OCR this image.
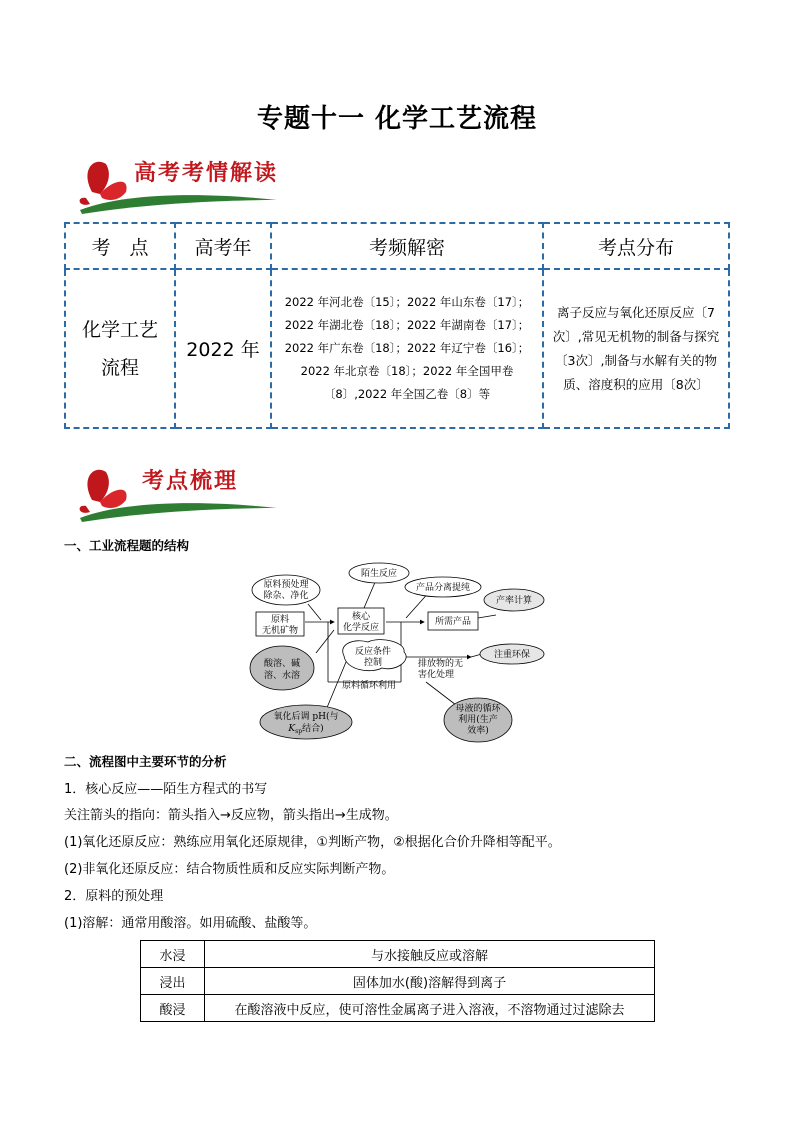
专题十一 化学工艺流程
高考考情解读
考　点	高考年	考频解密	考点分布
化学工艺
流程	2022 年	2022 年河北卷〔15〕；2022 年山东卷〔17〕；2022 年湖北卷〔18〕；2022 年湖南卷〔17〕；2022 年广东卷〔18〕；2022 年辽宁卷〔16〕；2022 年北京卷〔18〕；2022 年全国甲卷〔8〕,2022 年全国乙卷〔8〕等	离子反应与氧化还原反应〔7次〕,常见无机物的制备与探究〔3次〕,制备与水解有关的物质、溶度积的应用〔8次〕
考点梳理
一、工业流程题的结构
原料
无机矿物
核心
化学反应
所需产品
原料预处理
除杂、净化
陌生反应
产品分离提纯
产率计算
反应条件
控制
酸溶、碱
溶、水溶
排放物的无
害化处理
注重环保
原料循环利用
氧化后调 pH(与
$K_{sp}$结合)
母液的循环
利用(生产
效率)
二、流程图中主要环节的分析
1．核心反应——陌生方程式的书写
关注箭头的指向：箭头指入→反应物，箭头指出→生成物。
(1)氧化还原反应：熟练应用氧化还原规律，①判断产物，②根据化合价升降相等配平。
(2)非氧化还原反应：结合物质性质和反应实际判断产物。
2．原料的预处理
(1)溶解：通常用酸溶。如用硫酸、盐酸等。
水浸	与水接触反应或溶解
浸出	固体加水(酸)溶解得到离子
酸浸	在酸溶液中反应，使可溶性金属离子进入溶液，不溶物通过过滤除去
